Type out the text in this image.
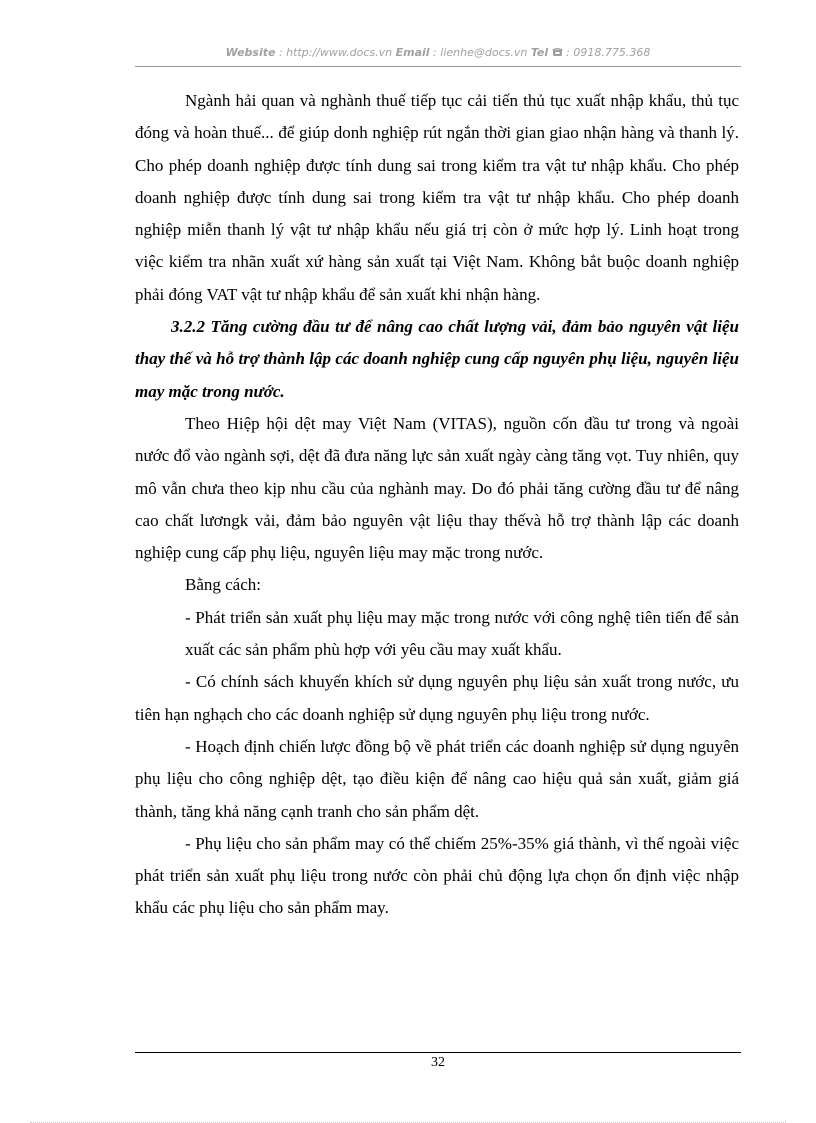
Website : http://www.docs.vn Email : lienhe@docs.vn Tel  : 0918.775.368

Ngành hải quan và nghành thuế tiếp tục cải tiến thủ tục xuất nhập khẩu, thủ tục đóng và hoàn thuế... để giúp donh nghiệp rút ngắn thời gian giao nhận hàng và thanh lý. Cho phép doanh nghiệp được tính dung sai trong kiểm tra vật tư nhập khẩu. Cho phép doanh nghiệp được tính dung sai trong kiểm tra vật tư nhập khẩu. Cho phép doanh nghiệp miễn thanh lý vật tư nhập khẩu nếu giá trị còn ở mức hợp lý. Linh hoạt trong việc kiểm tra nhãn xuất xứ hàng sản xuất tại Việt Nam. Không bắt buộc doanh nghiệp phải đóng VAT vật tư nhập khẩu để sản xuất khi nhận hàng.

3.2.2 Tăng cường đầu tư để nâng cao chất lượng vải, đảm bảo nguyên vật liệu thay thế và hỗ trợ thành lập các doanh nghiệp cung cấp nguyên phụ liệu, nguyên liệu may mặc trong nước.

Theo Hiệp hội dệt may Việt Nam (VITAS), nguồn cốn đầu tư trong và ngoài nước đổ vào ngành sợi, dệt đã đưa năng lực sản xuất ngày càng tăng vọt. Tuy nhiên, quy mô vẫn chưa theo kịp nhu cầu của nghành may. Do đó phải tăng cường đầu tư để nâng cao chất lươngk vải, đảm bảo nguyên vật liệu thay thếvà hỗ trợ thành lập các doanh nghiệp cung cấp phụ liệu, nguyên liệu may mặc trong nước.

Bằng cách:

- Phát triển sản xuất phụ liệu may mặc trong nước với công nghệ tiên tiến để sản xuất các sản phẩm phù hợp với yêu cầu may xuất khẩu.

- Có chính sách khuyến khích sử dụng nguyên phụ liệu sản xuất trong nước, ưu tiên hạn nghạch cho các doanh nghiệp sử dụng nguyên phụ liệu trong nước.

- Hoạch định chiến lược đồng bộ về phát triển các doanh nghiệp sử dụng nguyên phụ liệu cho công nghiệp dệt, tạo điều kiện để nâng cao hiệu quả sản xuất, giảm giá thành, tăng khả năng cạnh tranh cho sản phẩm dệt.

- Phụ liệu cho sản phẩm may có thể chiếm 25%-35% giá thành, vì thế ngoài việc phát triển sản xuất phụ liệu trong nước còn phải chủ động lựa chọn ổn định việc nhập khẩu các phụ liệu cho sản phẩm may.

32
